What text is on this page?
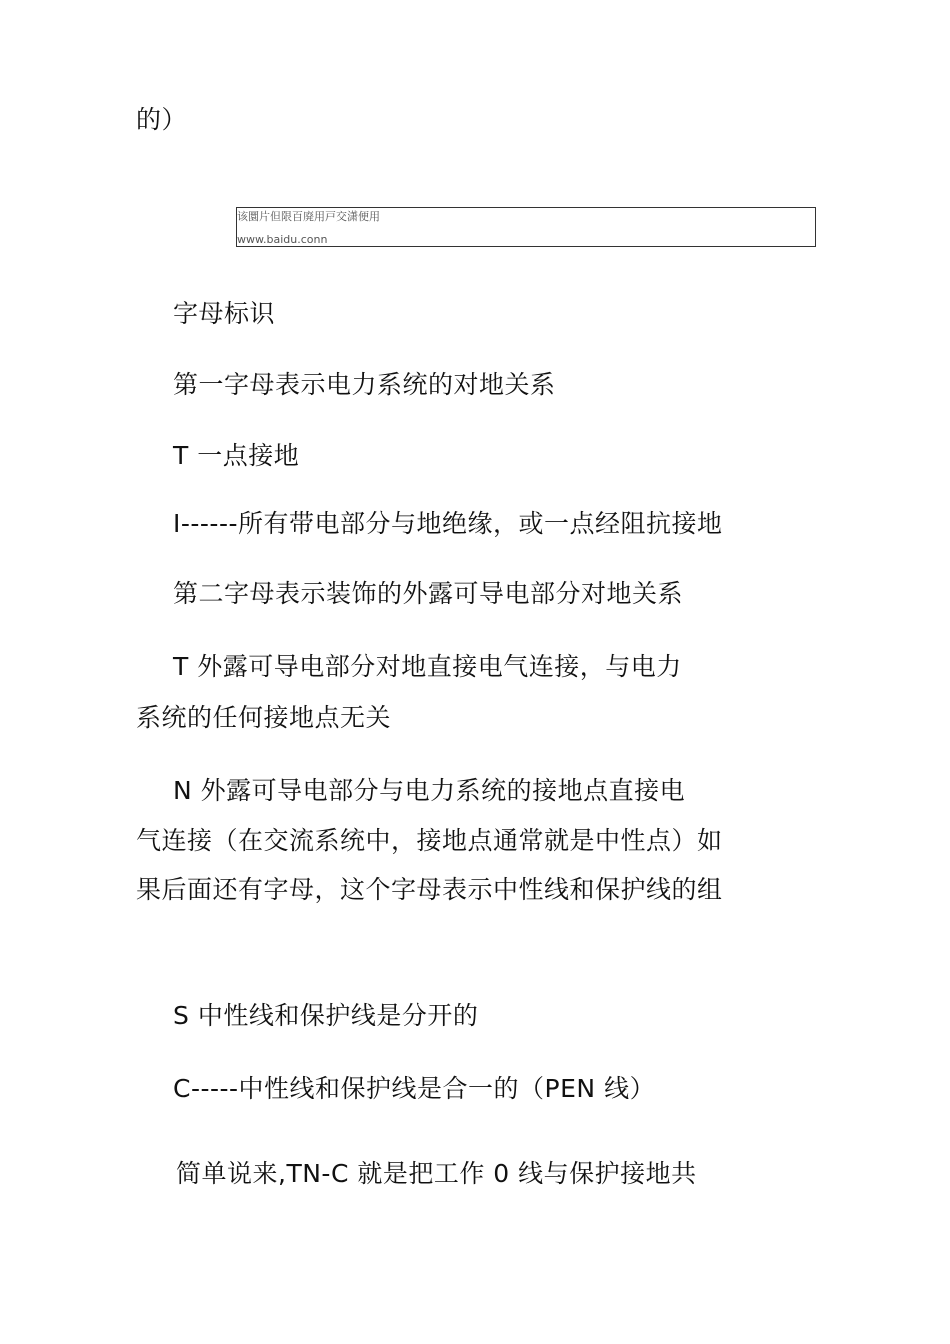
的）
该圜片但限百廃用戸交潇便用
www.baidu.conn
字母标识
第一字母表示电力系统的对地关系
T 一点接地
I------所有带电部分与地绝缘，或一点经阻抗接地
第二字母表示装饰的外露可导电部分对地关系
T 外露可导电部分对地直接电气连接，与电力
系统的任何接地点无关
N 外露可导电部分与电力系统的接地点直接电
气连接（在交流系统中，接地点通常就是中性点）如
果后面还有字母，这个字母表示中性线和保护线的组
S 中性线和保护线是分开的
C-----中性线和保护线是合一的（PEN 线）
简单说来,TN-C 就是把工作 0 线与保护接地共
